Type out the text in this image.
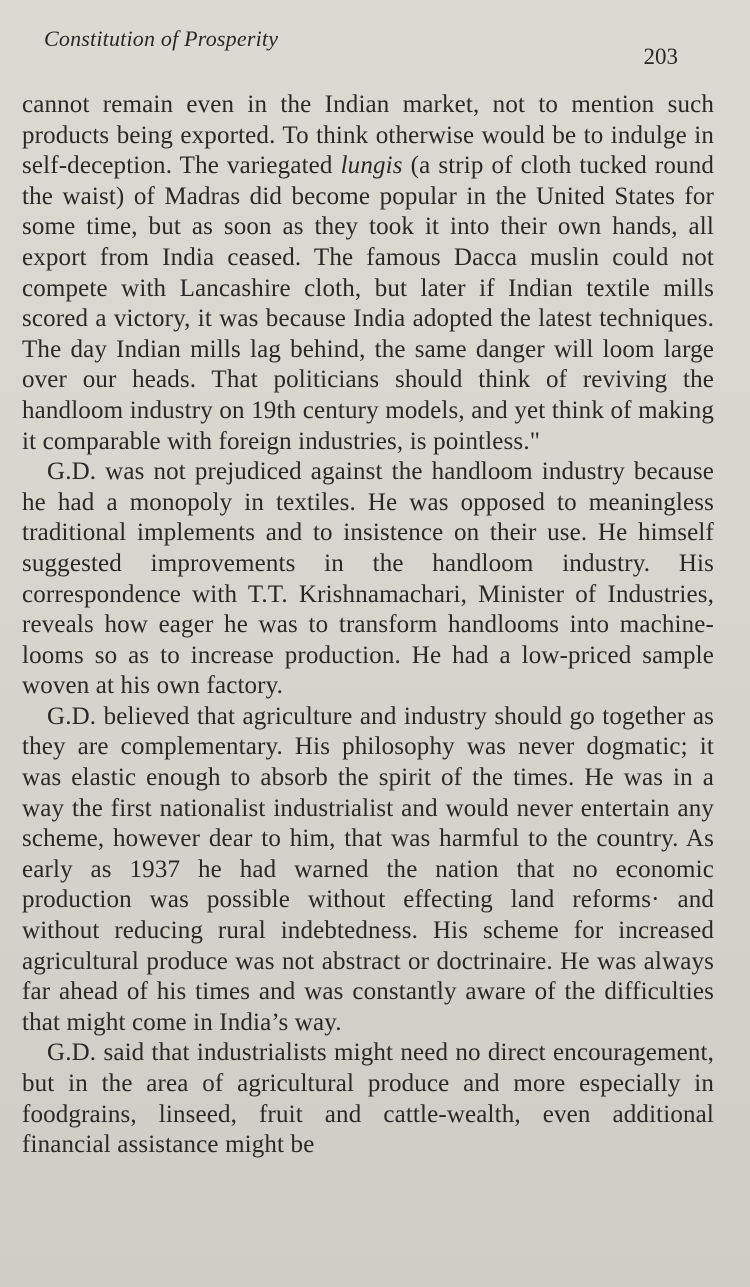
Constitution of Prosperity
203

cannot remain even in the Indian market, not to mention such products being exported. To think otherwise would be to indulge in self-deception. The variegated lungis (a strip of cloth tucked round the waist) of Madras did become popular in the United States for some time, but as soon as they took it into their own hands, all export from India ceased. The famous Dacca muslin could not compete with Lancashire cloth, but later if Indian textile mills scored a victory, it was because India adopted the latest techniques. The day Indian mills lag behind, the same danger will loom large over our heads. That politicians should think of reviving the handloom industry on 19th century models, and yet think of making it comparable with foreign industries, is pointless."

G.D. was not prejudiced against the handloom industry because he had a monopoly in textiles. He was opposed to meaningless traditional implements and to insistence on their use. He himself suggested improvements in the handloom industry. His correspondence with T.T. Krishnamachari, Minister of Industries, reveals how eager he was to transform handlooms into machine-looms so as to increase production. He had a low-priced sample woven at his own factory.

G.D. believed that agriculture and industry should go together as they are complementary. His philosophy was never dogmatic; it was elastic enough to absorb the spirit of the times. He was in a way the first nationalist industrialist and would never entertain any scheme, however dear to him, that was harmful to the country. As early as 1937 he had warned the nation that no economic production was possible without effecting land reforms· and without reducing rural indebtedness. His scheme for increased agricultural produce was not abstract or doctrinaire. He was always far ahead of his times and was constantly aware of the difficulties that might come in India’s way.

G.D. said that industrialists might need no direct encouragement, but in the area of agricultural produce and more especially in foodgrains, linseed, fruit and cattle-wealth, even additional financial assistance might be
